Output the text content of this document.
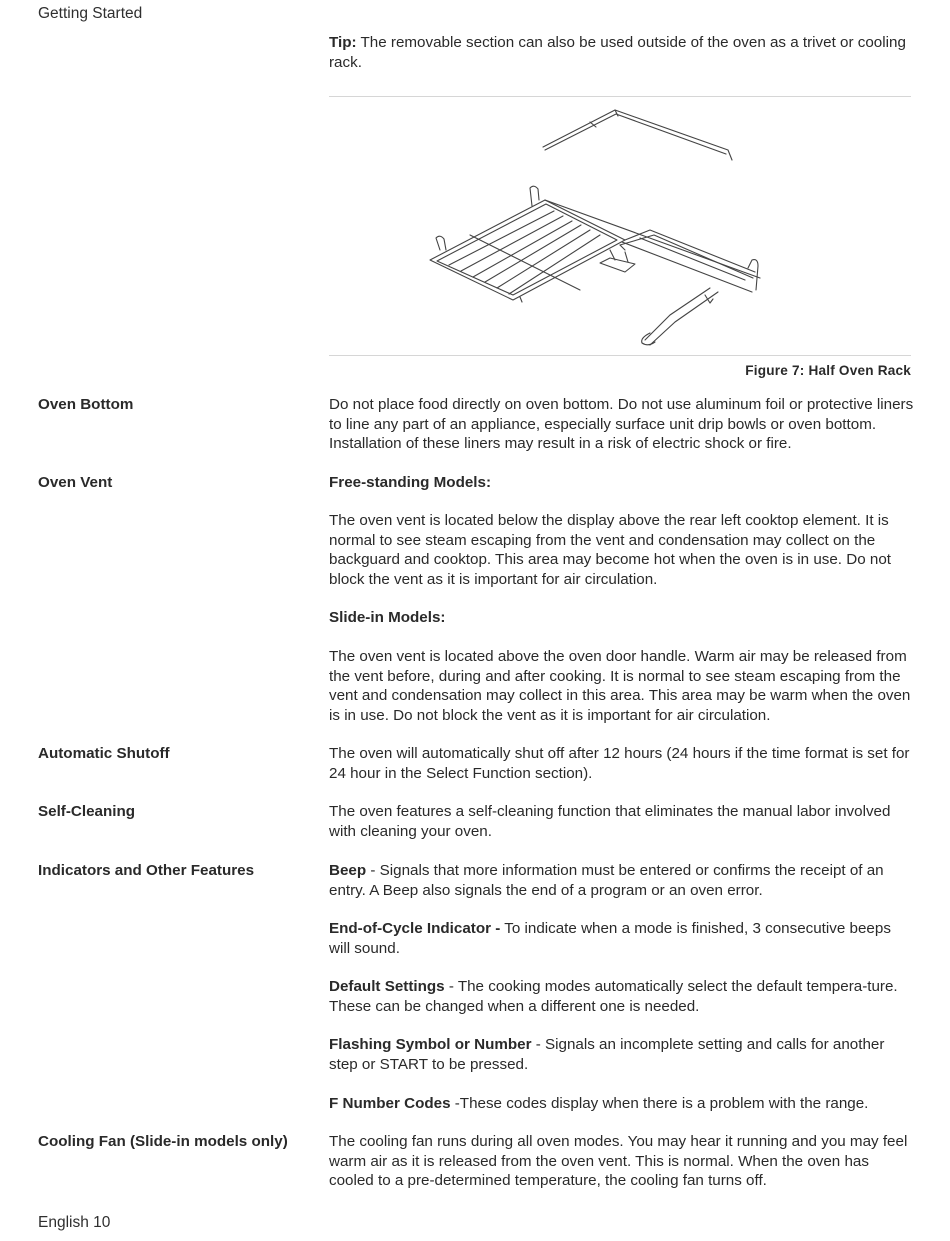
Getting Started

Tip: The removable section can also be used outside of the oven as a trivet or cooling rack.

Figure 7: Half Oven Rack
Oven Bottom	Do not place food directly on oven bottom. Do not use aluminum foil or protective liners to line any part of an appliance, especially surface unit drip bowls or oven bottom. Installation of these liners may result in a risk of electric shock or fire.

Oven Vent	Free-standing Models:

The oven vent is located below the display above the rear left cooktop element. It is normal to see steam escaping from the vent and condensation may collect on the backguard and cooktop. This area may become hot when the oven is in use. Do not block the vent as it is important for air circulation.

Slide-in Models:

The oven vent is located above the oven door handle. Warm air may be released from the vent before, during and after cooking. It is normal to see steam escaping from the vent and condensation may collect in this area. This area may be warm when the oven is in use. Do not block the vent as it is important for air circulation.

Automatic Shutoff	The oven will automatically shut off after 12 hours (24 hours if the time format is set for 24 hour in the Select Function section).

Self-Cleaning	The oven features a self-cleaning function that eliminates the manual labor involved with cleaning your oven.

Indicators and Other Features	Beep - Signals that more information must be entered or confirms the receipt of an entry. A Beep also signals the end of a program or an oven error.

End-of-Cycle Indicator - To indicate when a mode is finished, 3 consecutive beeps will sound.

Default Settings - The cooking modes automatically select the default tempera-ture. These can be changed when a different one is needed.

Flashing Symbol or Number - Signals an incomplete setting and calls for another step or START to be pressed.

F Number Codes -These codes display when there is a problem with the range.

Cooling Fan (Slide-in models only)	The cooling fan runs during all oven modes. You may hear it running and you may feel warm air as it is released from the oven vent. This is normal. When the oven has cooled to a pre-determined temperature, the cooling fan turns off.

English 10
